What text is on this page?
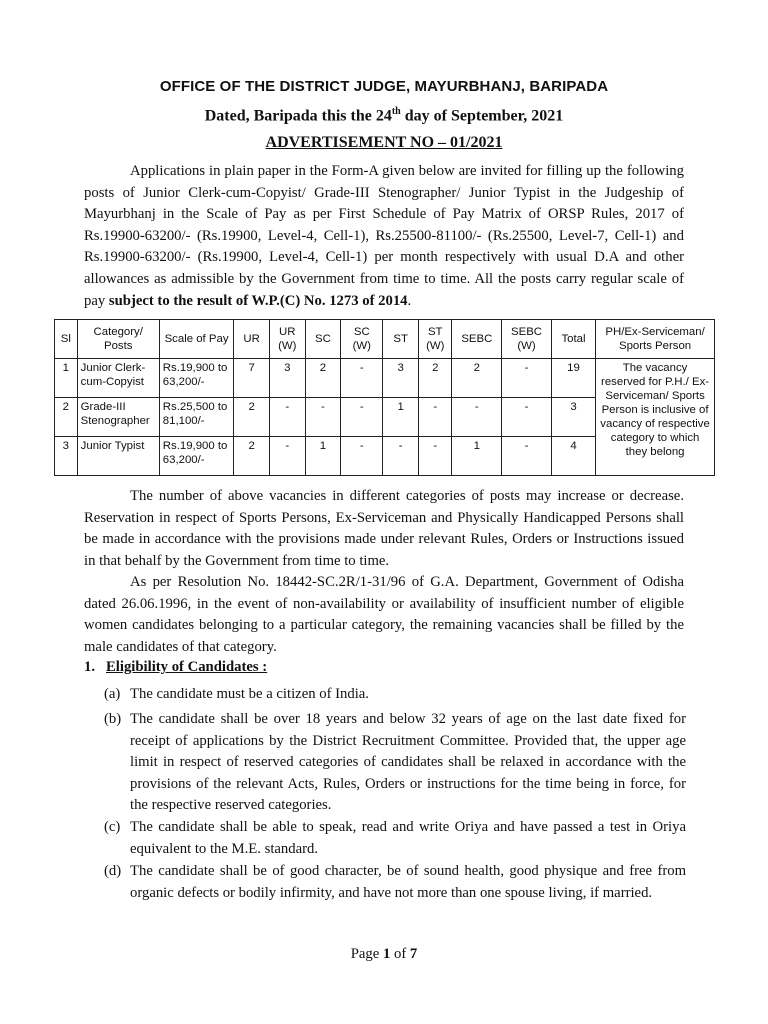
OFFICE OF THE DISTRICT JUDGE, MAYURBHANJ, BARIPADA
Dated, Baripada this the 24th day of September, 2021
ADVERTISEMENT NO – 01/2021
Applications in plain paper in the Form-A given below are invited for filling up the following posts of Junior Clerk-cum-Copyist/ Grade-III Stenographer/ Junior Typist in the Judgeship of Mayurbhanj in the Scale of Pay as per First Schedule of Pay Matrix of ORSP Rules, 2017 of Rs.19900-63200/- (Rs.19900, Level-4, Cell-1), Rs.25500-81100/- (Rs.25500, Level-7, Cell-1) and Rs.19900-63200/- (Rs.19900, Level-4, Cell-1) per month respectively with usual D.A and other allowances as admissible by the Government from time to time. All the posts carry regular scale of pay subject to the result of W.P.(C) No. 1273 of 2014.
Sl	Category/ Posts	Scale of Pay	UR	UR (W)	SC	SC (W)	ST	ST (W)	SEBC	SEBC (W)	Total	PH/Ex-Serviceman/ Sports Person
1	Junior Clerk-cum-Copyist	Rs.19,900 to 63,200/-	7	3	2	-	3	2	2	-	19	The vacancy reserved for P.H./ Ex-Serviceman/ Sports Person is inclusive of vacancy of respective category to which they belong
2	Grade-III Stenographer	Rs.25,500 to 81,100/-	2	-	-	-	1	-	-	-	3	
3	Junior Typist	Rs.19,900 to 63,200/-	2	-	1	-	-	-	1	-	4	
The number of above vacancies in different categories of posts may increase or decrease. Reservation in respect of Sports Persons, Ex-Serviceman and Physically Handicapped Persons shall be made in accordance with the provisions made under relevant Rules, Orders or Instructions issued in that behalf by the Government from time to time.
As per Resolution No. 18442-SC.2R/1-31/96 of G.A. Department, Government of Odisha dated 26.06.1996, in the event of non-availability or availability of insufficient number of eligible women candidates belonging to a particular category, the remaining vacancies shall be filled by the male candidates of that category.
1. Eligibility of Candidates :
(a) The candidate must be a citizen of India.
(b) The candidate shall be over 18 years and below 32 years of age on the last date fixed for receipt of applications by the District Recruitment Committee. Provided that, the upper age limit in respect of reserved categories of candidates shall be relaxed in accordance with the provisions of the relevant Acts, Rules, Orders or instructions for the time being in force, for the respective reserved categories.
(c) The candidate shall be able to speak, read and write Oriya and have passed a test in Oriya equivalent to the M.E. standard.
(d) The candidate shall be of good character, be of sound health, good physique and free from organic defects or bodily infirmity, and have not more than one spouse living, if married.
Page 1 of 7
